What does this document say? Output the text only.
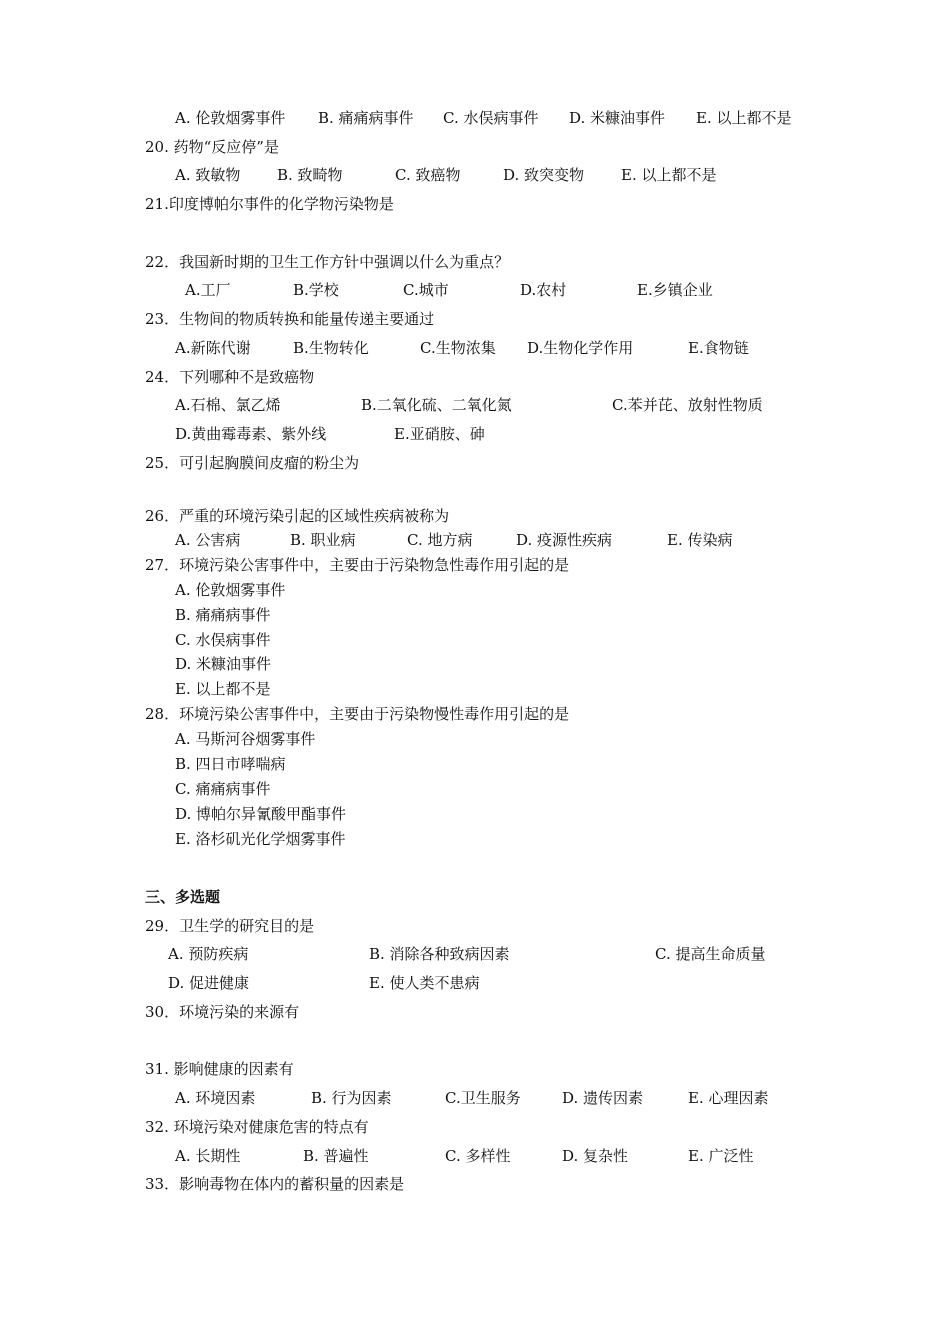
A. 伦敦烟雾事件 B. 痛痛病事件 C. 水俣病事件 D. 米糠油事件 E. 以上都不是
20. 药物“反应停”是
A. 致敏物 B. 致畸物	C. 致癌物	D. 致突变物 E. 以上都不是
21.印度博帕尔事件的化学物污染物是
22．我国新时期的卫生工作方针中强调以什么为重点？
A.工厂	B.学校	C.城市	D.农村	E.乡镇企业
23．生物间的物质转换和能量传递主要通过
A.新陈代谢	B.生物转化	C.生物浓集 D.生物化学作用	E.食物链
24．下列哪种不是致癌物
A.石棉、氯乙烯	B.二氧化硫、二氧化氮	C.苯并芘、放射性物质
D.黄曲霉毒素、紫外线	E.亚硝胺、砷
25．可引起胸膜间皮瘤的粉尘为
26．严重的环境污染引起的区域性疾病被称为
A. 公害病	B. 职业病	C. 地方病	D. 疫源性疾病	E. 传染病
27．环境污染公害事件中，主要由于污染物急性毒作用引起的是
A. 伦敦烟雾事件
B. 痛痛病事件
C. 水俣病事件
D. 米糠油事件
E. 以上都不是
28．环境污染公害事件中，主要由于污染物慢性毒作用引起的是
A. 马斯河谷烟雾事件
B. 四日市哮喘病
C. 痛痛病事件
D. 博帕尔异氰酸甲酯事件
E. 洛杉矶光化学烟雾事件
三、多选题
29．卫生学的研究目的是
A. 预防疾病	B. 消除各种致病因素	C. 提高生命质量
D. 促进健康	E. 使人类不患病
30．环境污染的来源有
31. 影响健康的因素有
A. 环境因素	B. 行为因素	C.卫生服务	D. 遗传因素	E. 心理因素
32. 环境污染对健康危害的特点有
A. 长期性	B. 普遍性	C. 多样性	D. 复杂性	E. 广泛性
33．影响毒物在体内的蓄积量的因素是
